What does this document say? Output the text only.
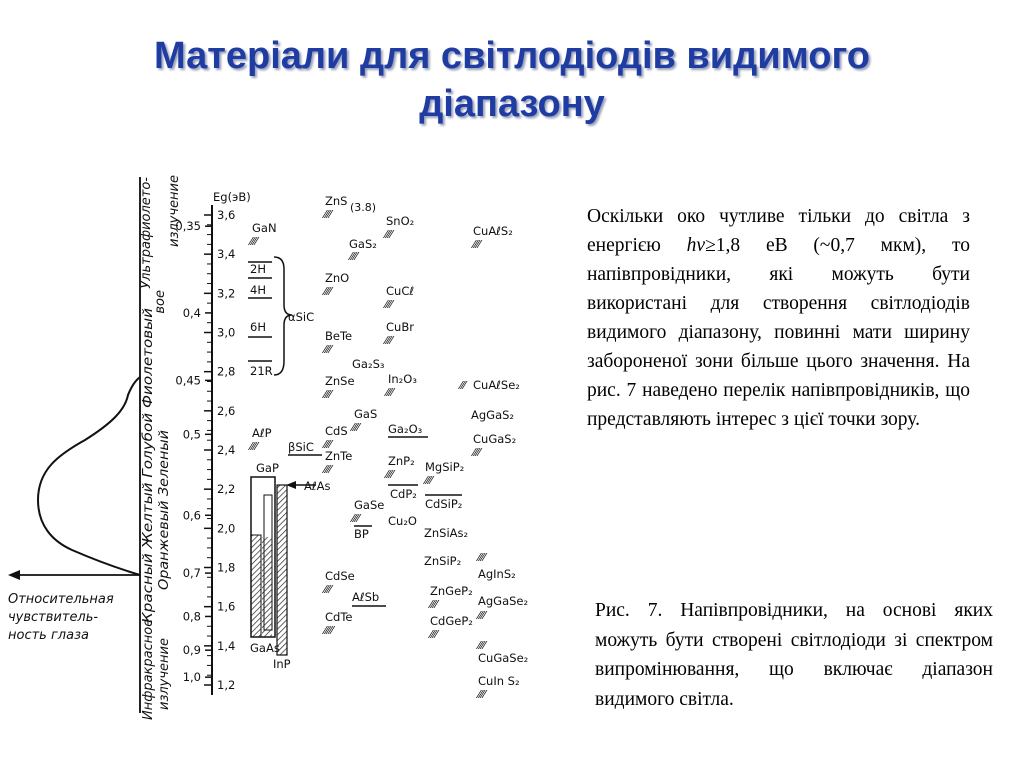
Матеріали для світлодіодів видимого
діапазону
Ультрафиолето-
вое
излучение
Красный Желтый Голубой Фиолетовый Оранжевый Зеленый
Инфракрасное излучение
Относительная
чувствитель-
ность глаза
Eg(эВ)
3,6
3,4
3,2
3,0
2,8
2,6
2,4
2,2
2,0
1,8
1,6
1,4
1,2
0,35
0,4
0,45
0,5
0,6
0,7
0,8
0,9
1,0
GaN
⁄⁄⁄⁄
2H
4H
6H
21R
αSiC
AℓP
⁄⁄⁄⁄	βSiC
GaP
AℓAs
GaAs
InP
ZnS (3.8)
⁄⁄⁄⁄
GaS₂
⁄⁄⁄⁄
ZnO
⁄⁄⁄⁄
BeTe
⁄⁄⁄⁄
ZnSe
⁄⁄⁄⁄
GaS
⁄⁄⁄⁄
CdS
⁄⁄⁄⁄
ZnTe
⁄⁄⁄⁄
GaSe
⁄⁄⁄⁄
BP
CdSe
⁄⁄⁄⁄
AℓSb
CdTe
⁄⁄⁄⁄⁄
SnO₂
⁄⁄⁄⁄
CuCℓ
⁄⁄⁄⁄
CuBr
⁄⁄⁄⁄
Ga₂S₃
In₂O₃
⁄⁄⁄⁄
Ga₂O₃
ZnP₂
⁄⁄⁄⁄
CdP₂
Cu₂O
ZnSiAs₂
ZnSiP₂ ⁄⁄⁄⁄
ZnGeP₂
⁄⁄⁄⁄
CdGeP₂
⁄⁄⁄⁄
CuAℓS₂
⁄⁄⁄⁄
CuAℓSe₂
⁄⁄⁄
AgGaS₂
CuGaS₂
⁄⁄⁄⁄
MgSiP₂
⁄⁄⁄⁄
CdSiP₂
AgInS₂
AgGaSe₂
⁄⁄⁄⁄
CuGaSe₂
⁄⁄⁄⁄
CuIn S₂
⁄⁄⁄⁄

Оскільки око чутливе тільки до світла з енергією hν≥1,8 еВ (~0,7 мкм), то напівпровідники, які можуть бути використані для створення світлодіодів видимого діапазону, повинні мати ширину забороненої зони більше цього значення. На рис. 7 наведено перелік напівпровідників, що представляють інтерес з цієї точки зору.

Рис. 7. Напівпровідники, на основі яких можуть бути створені світлодіоди зі спектром випромінювання, що включає діапазон видимого світла.
